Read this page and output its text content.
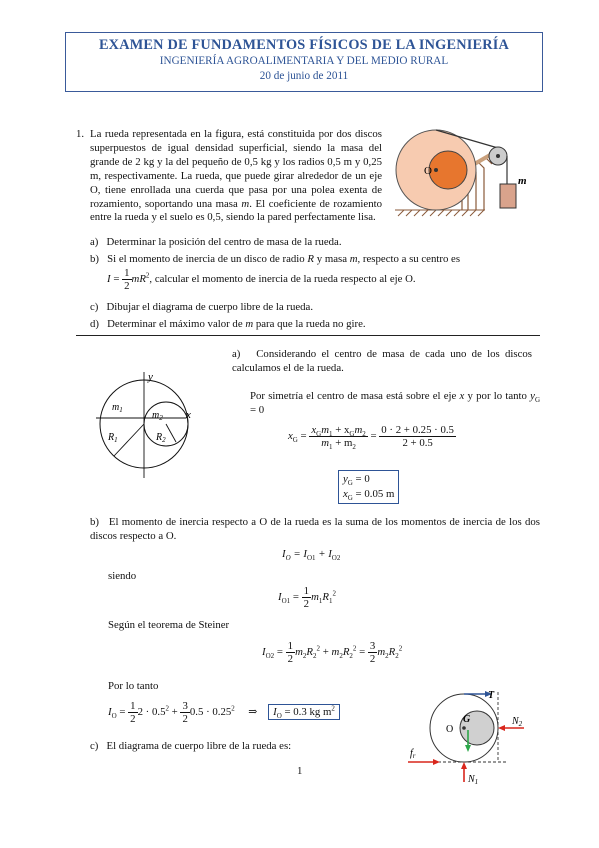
EXAMEN DE FUNDAMENTOS FÍSICOS DE LA INGENIERÍA
INGENIERÍA AGROALIMENTARIA Y DEL MEDIO RURAL
20 de junio de 2011
1. La rueda representada en la figura, está constituida por dos discos superpuestos de igual densidad superficial, siendo la masa del grande de 2 kg y la del pequeño de 0,5 kg y los radios 0,5 m y 0,25 m, respectivamente. La rueda, que puede girar alrededor de un eje O, tiene enrollada una cuerda que pasa por una polea exenta de rozamiento, soportando una masa m. El coeficiente de rozamiento entre la rueda y el suelo es 0,5, siendo la pared perfectamente lisa.
O
m
a) Determinar la posición del centro de masa de la rueda.
b) Si el momento de inercia de un disco de radio R y masa m, respecto a su centro es
$I = \frac{1}{2} mR^2$, calcular el momento de inercia de la rueda respecto al eje O.
c) Dibujar el diagrama de cuerpo libre de la rueda.
d) Determinar el máximo valor de m para que la rueda no gire.
y
x
$m_1$	$m_2$
$R_1$	$R_2$
a) Considerando el centro de masa de cada uno de los discos calculamos el de la rueda.
Por simetría el centro de masa está sobre el eje x y por lo tanto $y_G = 0$
$x_G = \frac{x_Gm_1 + x_Gm_2}{m_1 + m_2} = \frac{0 \cdot 2 + 0.25 \cdot 0.5}{2 + 0.5}$
$y_G = 0$
$x_G = 0.05$ m
b) El momento de inercia respecto a O de la rueda es la suma de los momentos de inercia de los dos discos respecto a O.
$I_O = I_{O1} + I_{O2}$
siendo
$I_{O1} = \frac{1}{2} m_1R_1^2$
Según el teorema de Steiner
$I_{O2} = \frac{1}{2} m_2R_2^2 + m_2R_2^2 = \frac{3}{2} m_2R_2^2$
Por lo tanto
$I_O = \frac{1}{2} 2 \cdot 0.5^2 + \frac{3}{2} 0.5 \cdot 0.25^2$ ⇒ $I_O = 0.3$ kg $m^2$
c) El diagrama de cuerpo libre de la rueda es:
T
O
G	$N_2$
$f_r$
$N_1$
1
